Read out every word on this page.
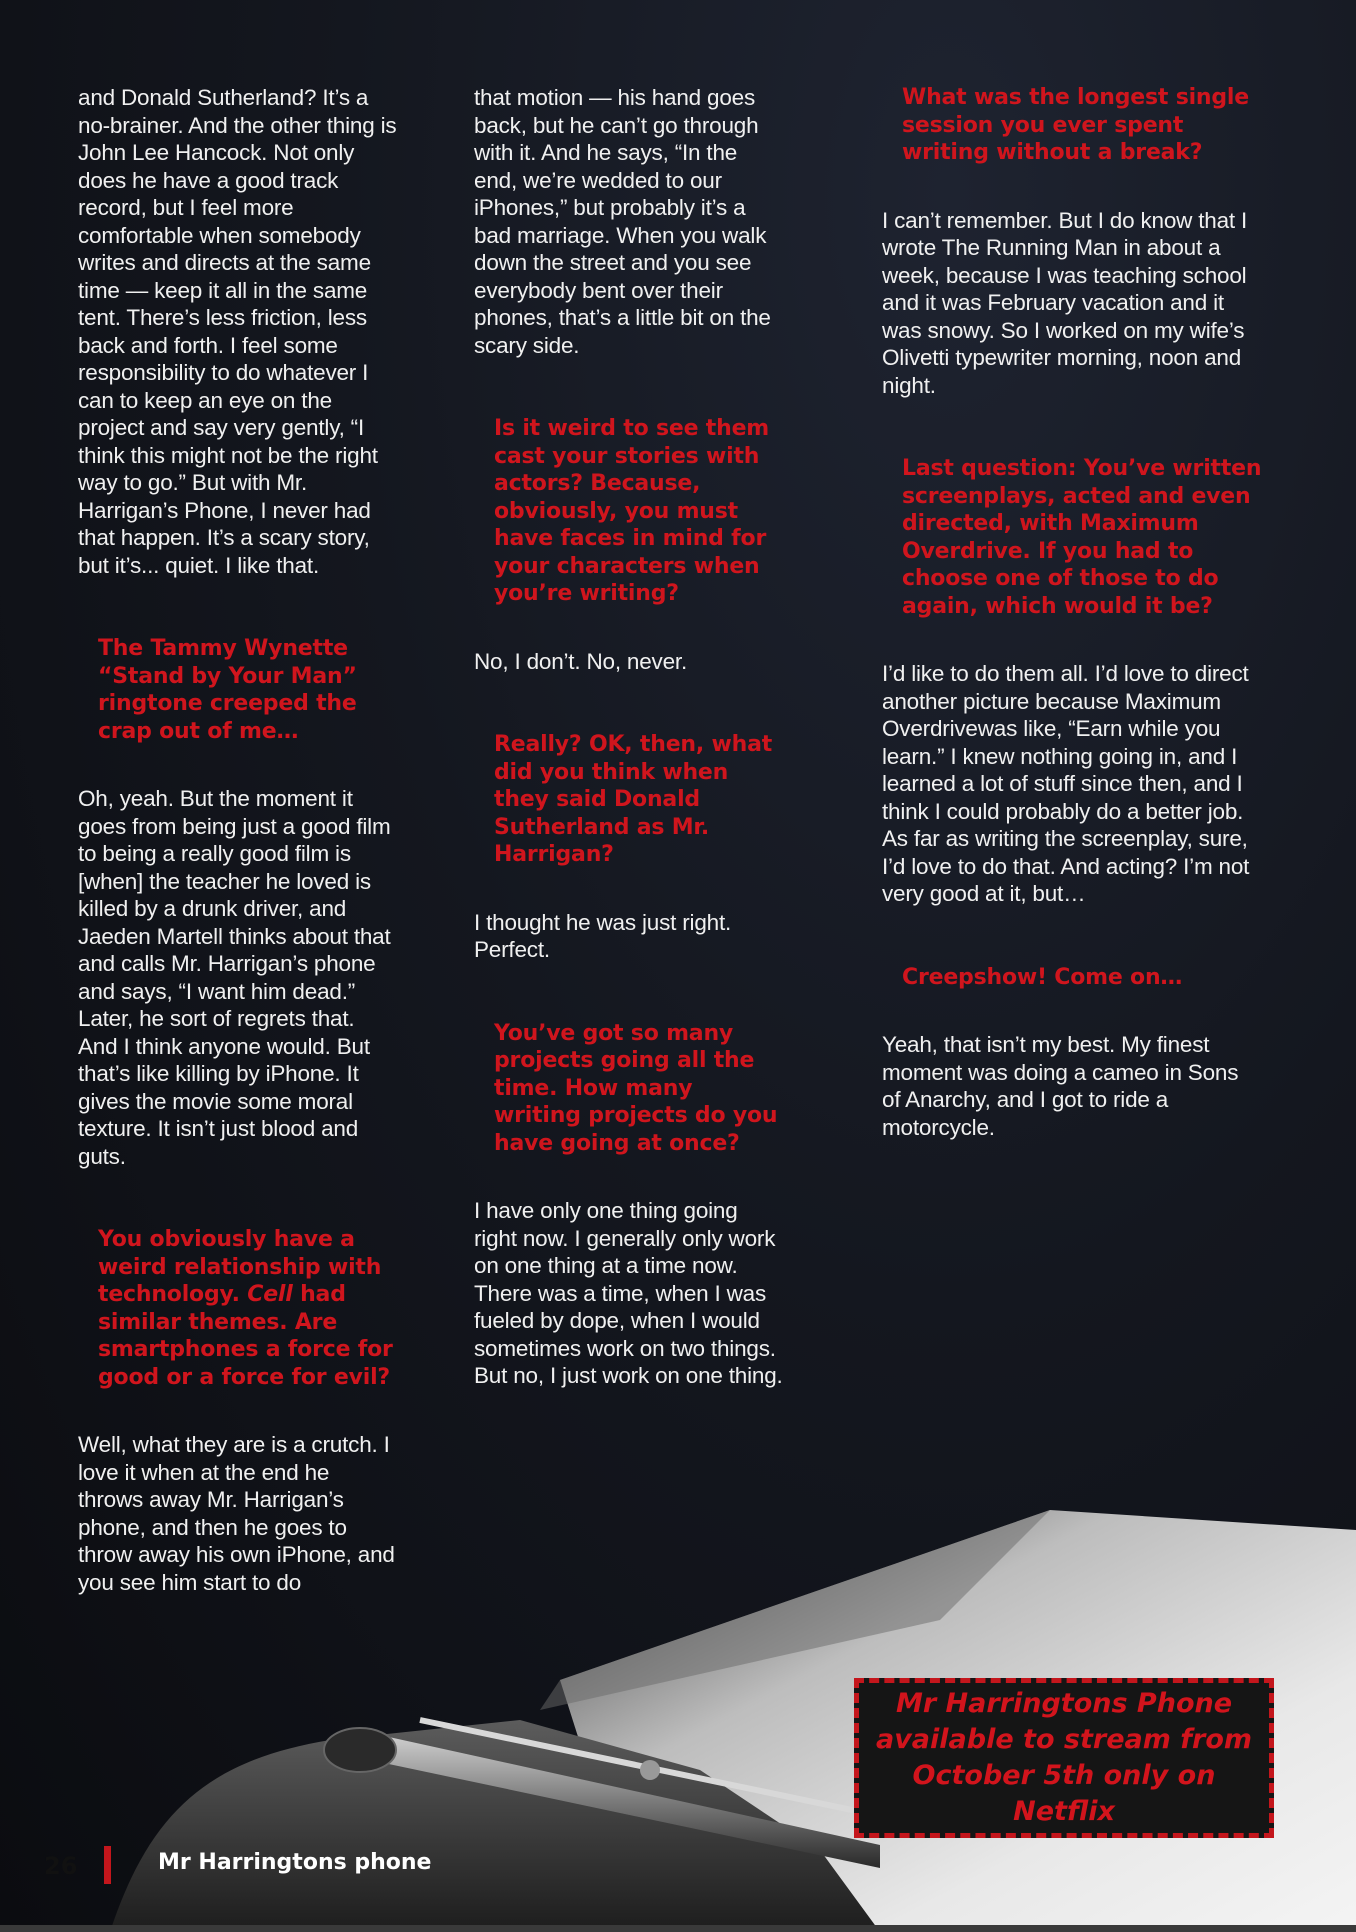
and Donald Sutherland? It’s a no-brainer. And the other thing is John Lee Hancock. Not only does he have a good track record, but I feel more comfortable when somebody writes and directs at the same time — keep it all in the same tent. There’s less friction, less back and forth. I feel some responsibility to do whatever I can to keep an eye on the project and say very gently, “I think this might not be the right way to go.” But with Mr. Harrigan’s Phone, I never had that happen. It’s a scary story, but it’s... quiet. I like that.

The Tammy Wynette “Stand by Your Man” ringtone creeped the crap out of me…

Oh, yeah. But the moment it goes from being just a good film to being a really good film is [when] the teacher he loved is killed by a drunk driver, and Jaeden Martell thinks about that and calls Mr. Harrigan’s phone and says, “I want him dead.” Later, he sort of regrets that. And I think anyone would. But that’s like killing by iPhone. It gives the movie some moral texture. It isn’t just blood and guts.

You obviously have a weird relationship with technology. Cell had similar themes. Are smartphones a force for good or a force for evil?

Well, what they are is a crutch. I love it when at the end he throws away Mr. Harrigan’s phone, and then he goes to throw away his own iPhone, and you see him start to do

that motion — his hand goes back, but he can’t go through with it. And he says, “In the end, we’re wedded to our iPhones,” but probably it’s a bad marriage. When you walk down the street and you see everybody bent over their phones, that’s a little bit on the scary side.

Is it weird to see them cast your stories with actors? Because, obviously, you must have faces in mind for your characters when you’re writing?

No, I don’t. No, never.

Really? OK, then, what did you think when they said Donald Sutherland as Mr. Harrigan?

I thought he was just right. Perfect.

You’ve got so many projects going all the time. How many writing projects do you have going at once?

I have only one thing going right now. I generally only work on one thing at a time now. There was a time, when I was fueled by dope, when I would sometimes work on two things. But no, I just work on one thing.

What was the longest single session you ever spent writing without a break?

I can’t remember. But I do know that I wrote The Running Man in about a week, because I was teaching school and it was February vacation and it was snowy. So I worked on my wife’s Olivetti typewriter morning, noon and night.

Last question: You’ve written screenplays, acted and even directed, with Maximum Overdrive. If you had to choose one of those to do again, which would it be?

I’d like to do them all. I’d love to direct another picture because Maximum Overdrivewas like, “Earn while you learn.” I knew nothing going in, and I learned a lot of stuff since then, and I think I could probably do a better job. As far as writing the screenplay, sure, I’d love to do that. And acting? I’m not very good at it, but…

Creepshow! Come on…

Yeah, that isn’t my best. My finest moment was doing a cameo in Sons of Anarchy, and I got to ride a motorcycle.

Mr Harringtons Phone
available to stream from
October 5th only on Netflix
26	Mr Harringtons phone
